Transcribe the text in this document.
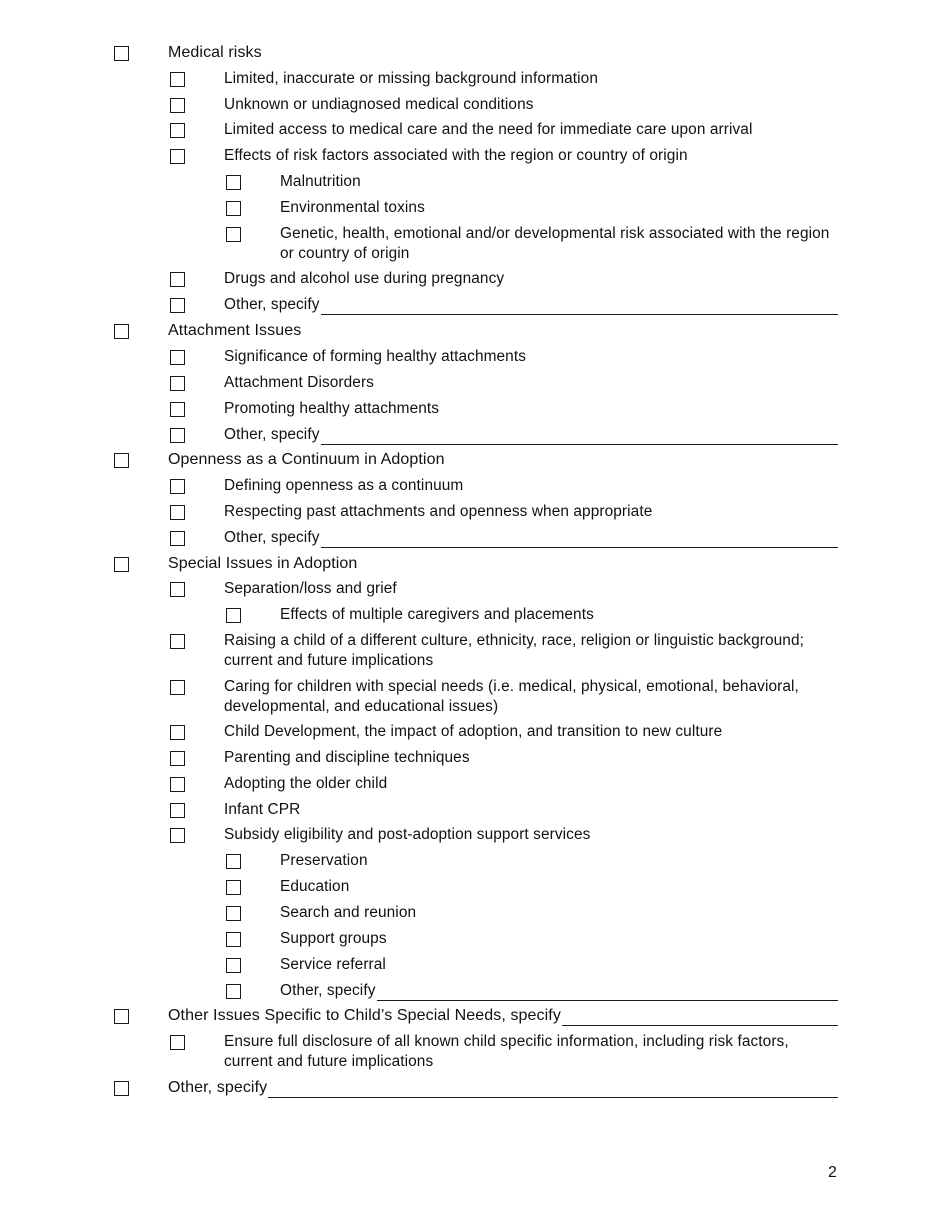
Medical risks
Limited, inaccurate or missing background information
Unknown or undiagnosed medical conditions
Limited access to medical care and the need for immediate care upon arrival
Effects of risk factors associated with the region or country of origin
Malnutrition
Environmental toxins
Genetic, health, emotional and/or developmental risk associated with the region or country of origin
Drugs and alcohol use during pregnancy
Other, specify
Attachment Issues
Significance of forming healthy attachments
Attachment Disorders
Promoting healthy attachments
Other, specify
Openness as a Continuum in Adoption
Defining openness as a continuum
Respecting past attachments and openness when appropriate
Other, specify
Special Issues in Adoption
Separation/loss and grief
Effects of multiple caregivers and placements
Raising a child of a different culture, ethnicity, race, religion or linguistic background; current and future implications
Caring for children with special needs (i.e. medical, physical, emotional, behavioral, developmental, and educational issues)
Child Development, the impact of adoption, and transition to new culture
Parenting and discipline techniques
Adopting the older child
Infant CPR
Subsidy eligibility and post-adoption support services
Preservation
Education
Search and reunion
Support groups
Service referral
Other, specify
Other Issues Specific to Child’s Special Needs, specify
Ensure full disclosure of all known child specific information, including risk factors, current and future implications
Other, specify
2
